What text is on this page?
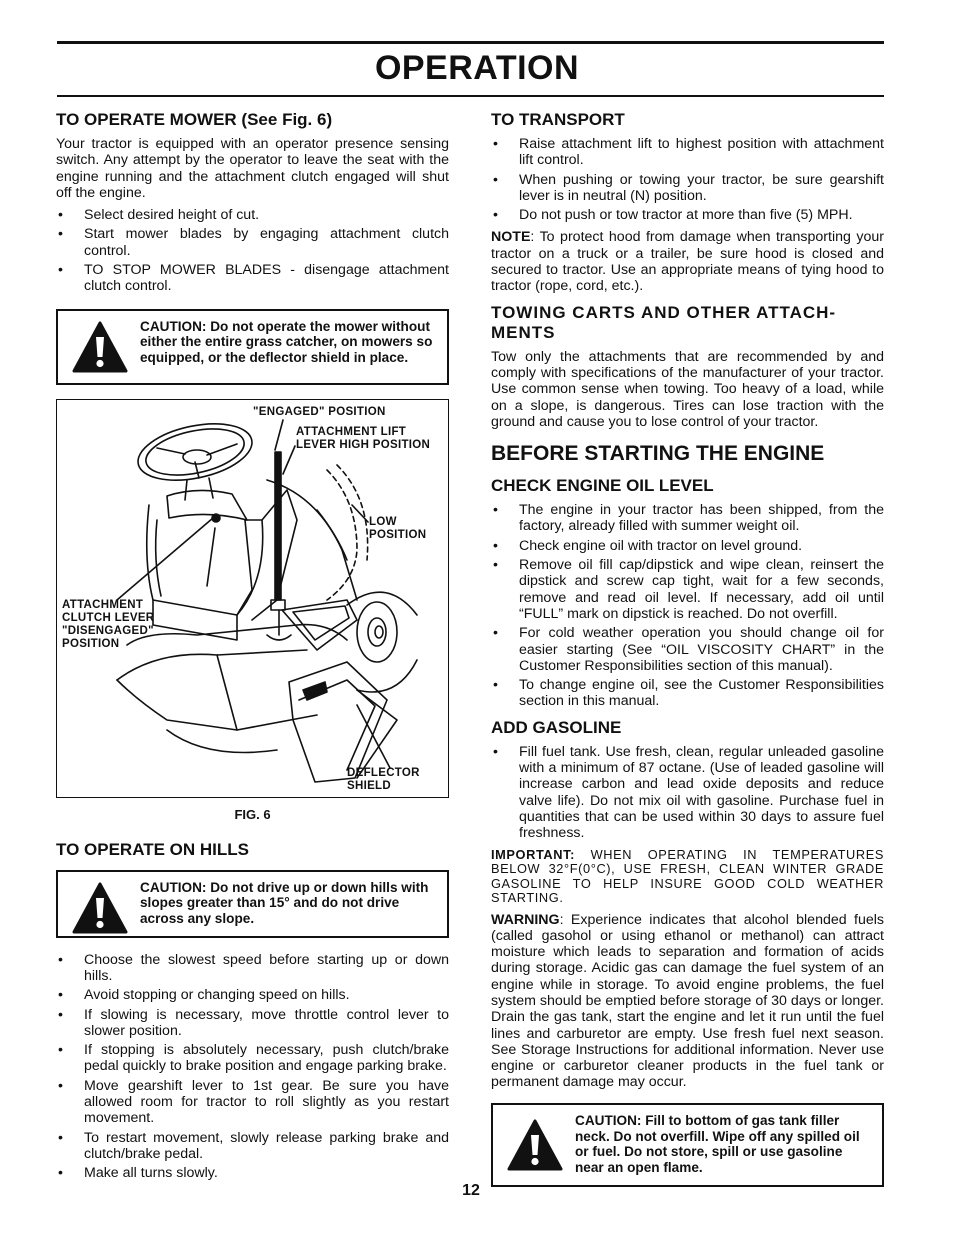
OPERATION
TO OPERATE MOWER (See Fig. 6)

Your tractor is equipped with an operator presence sensing switch. Any attempt by the operator to leave the seat with the engine running and the attachment clutch engaged will shut off the engine.

• Select desired height of cut.
• Start mower blades by engaging attachment clutch control.
• TO STOP MOWER BLADES - disengage attachment clutch control.
CAUTION: Do not operate the mower without either the entire grass catcher, on mowers so equipped, or the deflector shield in place.
"ENGAGED" POSITION
ATTACHMENT LIFT LEVER HIGH POSITION
LOW POSITION
ATTACHMENT CLUTCH LEVER "DISENGAGED" POSITION
DEFLECTOR SHIELD
FIG. 6
TO OPERATE ON HILLS
CAUTION: Do not drive up or down hills with slopes greater than 15° and do not drive across any slope.
• Choose the slowest speed before starting up or down hills.
• Avoid stopping or changing speed on hills.
• If slowing is necessary, move throttle control lever to slower position.
• If stopping is absolutely necessary, push clutch/brake pedal quickly to brake position and engage parking brake.
• Move gearshift lever to 1st gear. Be sure you have allowed room for tractor to roll slightly as you restart movement.
• To restart movement, slowly release parking brake and clutch/brake pedal.
• Make all turns slowly.
TO TRANSPORT
• Raise attachment lift to highest position with attachment lift control.
• When pushing or towing your tractor, be sure gearshift lever is in neutral (N) position.
• Do not push or tow tractor at more than five (5) MPH.

NOTE: To protect hood from damage when transporting your tractor on a truck or a trailer, be sure hood is closed and secured to tractor. Use an appropriate means of tying hood to tractor (rope, cord, etc.).

TOWING CARTS AND OTHER ATTACH-MENTS

Tow only the attachments that are recommended by and comply with specifications of the manufacturer of your tractor. Use common sense when towing. Too heavy of a load, while on a slope, is dangerous. Tires can lose traction with the ground and cause you to lose control of your tractor.

BEFORE STARTING THE ENGINE
CHECK ENGINE OIL LEVEL
• The engine in your tractor has been shipped, from the factory, already filled with summer weight oil.
• Check engine oil with tractor on level ground.
• Remove oil fill cap/dipstick and wipe clean, reinsert the dipstick and screw cap tight, wait for a few seconds, remove and read oil level. If necessary, add oil until “FULL” mark on dipstick is reached. Do not overfill.
• For cold weather operation you should change oil for easier starting (See “OIL VISCOSITY CHART” in the Customer Responsibilities section of this manual).
• To change engine oil, see the Customer Responsibilities section in this manual.
ADD GASOLINE
• Fill fuel tank. Use fresh, clean, regular unleaded gasoline with a minimum of 87 octane. (Use of leaded gasoline will increase carbon and lead oxide deposits and reduce valve life). Do not mix oil with gasoline. Purchase fuel in quantities that can be used within 30 days to assure fuel freshness.

IMPORTANT: WHEN OPERATING IN TEMPERATURES BELOW 32°F(0°C), USE FRESH, CLEAN WINTER GRADE GASOLINE TO HELP INSURE GOOD COLD WEATHER STARTING.

WARNING: Experience indicates that alcohol blended fuels (called gasohol or using ethanol or methanol) can attract moisture which leads to separation and formation of acids during storage. Acidic gas can damage the fuel system of an engine while in storage. To avoid engine problems, the fuel system should be emptied before storage of 30 days or longer. Drain the gas tank, start the engine and let it run until the fuel lines and carburetor are empty. Use fresh fuel next season. See Storage Instructions for additional information. Never use engine or carburetor cleaner products in the fuel tank or permanent damage may occur.

CAUTION: Fill to bottom of gas tank filler neck. Do not overfill. Wipe off any spilled oil or fuel. Do not store, spill or use gasoline near an open flame.
12
